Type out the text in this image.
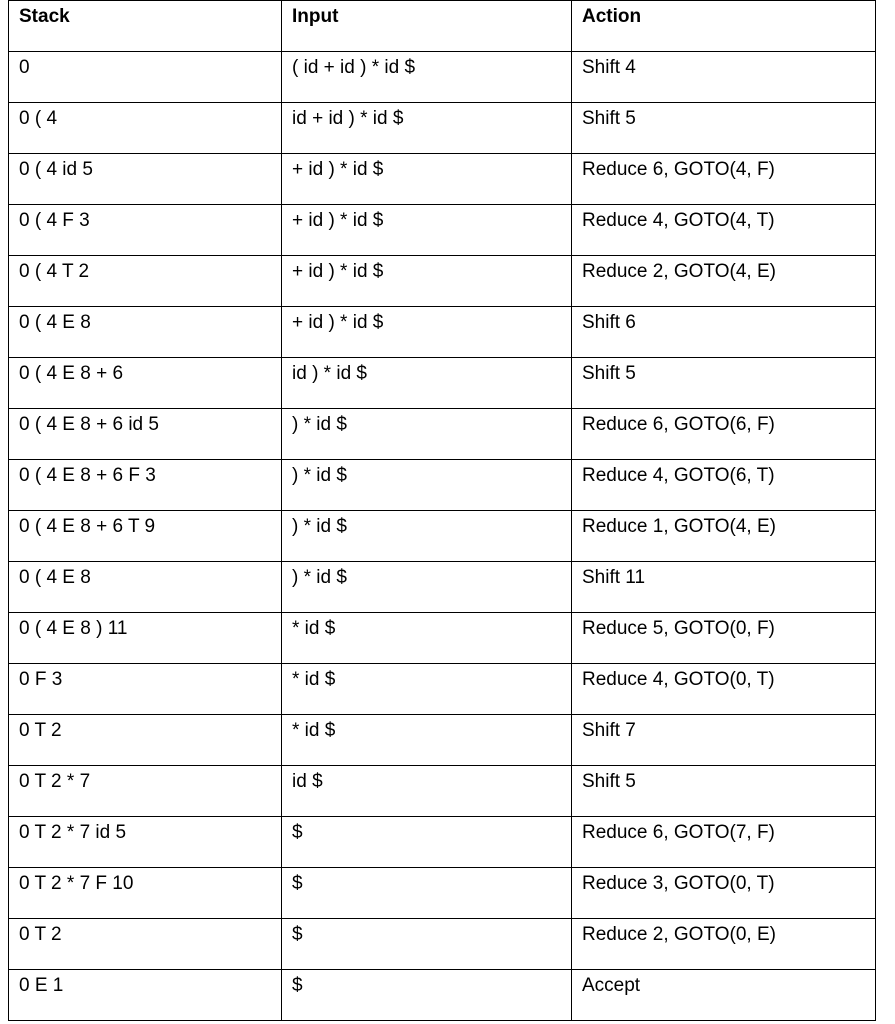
Stack	Input	Action
0	( id + id ) * id $	Shift 4
0 ( 4	id + id ) * id $	Shift 5
0 ( 4 id 5	+ id ) * id $	Reduce 6, GOTO(4, F)
0 ( 4 F 3	+ id ) * id $	Reduce 4, GOTO(4, T)
0 ( 4 T 2	+ id ) * id $	Reduce 2, GOTO(4, E)
0 ( 4 E 8	+ id ) * id $	Shift 6
0 ( 4 E 8 + 6	id ) * id $	Shift 5
0 ( 4 E 8 + 6 id 5	) * id $	Reduce 6, GOTO(6, F)
0 ( 4 E 8 + 6 F 3	) * id $	Reduce 4, GOTO(6, T)
0 ( 4 E 8 + 6 T 9	) * id $	Reduce 1, GOTO(4, E)
0 ( 4 E 8	) * id $	Shift 11
0 ( 4 E 8 ) 11	* id $	Reduce 5, GOTO(0, F)
0 F 3	* id $	Reduce 4, GOTO(0, T)
0 T 2	* id $	Shift 7
0 T 2 * 7	id $	Shift 5
0 T 2 * 7 id 5	$	Reduce 6, GOTO(7, F)
0 T 2 * 7 F 10	$	Reduce 3, GOTO(0, T)
0 T 2	$	Reduce 2, GOTO(0, E)
0 E 1	$	Accept
